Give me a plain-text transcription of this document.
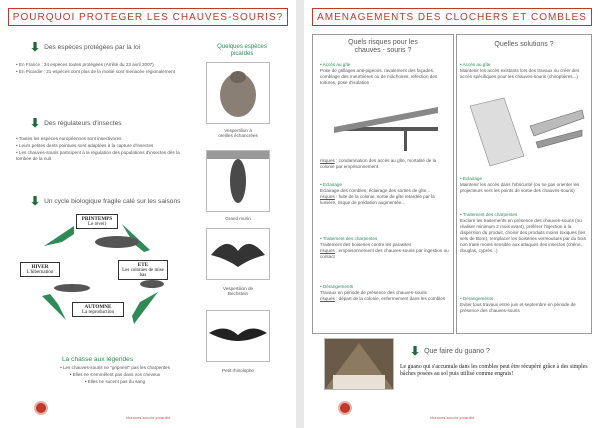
POURQUOI PROTEGER LES CHAUVES-SOURIS?
⬇ Des espèces protégées par la loi

• En France : 34 espèces toutes protégées (Arrêté du 23 avril 2007)

• En Picardie : 21 espèces dont plus de la moitié sont menacée régionalement

⬇ Des régulateurs d'insectes

• Toutes les espèces européennes sont insectivores

• Leurs petites dents pointues sont adaptées à la capture d'insectes

• Les chauves-souris participent à la régulation des populations d'insectes dès la tombée de la nuit

⬇ Un cycle biologique fragile calé sur les saisons
PRINTEMPS
Le réveil
ETE
Les colonies de mise bas
AUTOMNE
La reproduction
HIVER
L'hibernation
La chasse aux légendes

• Les chauves-souris ne "gripnent" pas les charpentes

• Elles ne s'emmêlent pas dans vos cheveux

• Elles ne sucent pas du sang

Quelques espèces
picardes
Vespertilion à
oreilles échancrées
Grand murin
Vespertilion de
Bechstein
Petit rhinolophe
chauves-souris picardie
AMENAGEMENTS DES CLOCHERS ET COMBLES
Quels risques pour les
chauves - souris ?
• Accès au gîte
Pose de grillages anti-pigeons, ravalement des façades, comblage des meurtrières ou de mâchoires, réfection des toitures, pose d'isolation
risques : condamnation des accès au gîte, mortalité de la colonie par emprisonnement
• Eclairage
Eclairage des combles, éclairage des sorties de gîte...
risques : fuite de la colonie, sortie de gîte retardée par la lumière, risque de prédation augmentée...
• Traitement des charpentes
Traitement des boiseries contre les parasites
risques : empoisonnement des chauves-souris par ingestion ou contact
• Dérangements
Travaux en période de présence des chauves-souris
risques : départ de la colonie, enfermement dans les combles
Quelles solutions ?
• Accès au gîte
Maintenir les accès existants lors des travaux ou créer des accès spécifiques pour les chauves-souris (chiroptières...)
• Eclairage
Maintenir les accès dans l'obscurité (ou ne pas orienter les projecteurs vers les points de sortie des chauves-souris)
• Traitement des charpentes
Exclure les traitements en présence des chauves-souris (ou réaliser minimum 2 mois avant), préférer l'injection à la dispersion du produit, choisir des produits moins toxiques (les sels de Bore), remplacer les boiseries vermoulues par du bois non traité moins sensible aux attaques des insectes (chêne, douglas, cyprès...)
• Dérangements
Eviter tous travaux entre juin et septembre en période de présence des chauves-souris
⬇ Que faire du guano ?
Le guano qui s'accumule dans les combles peut être récupéré grâce à des simples bâches posées au sol puis utilisé comme engrais!
chauves-souris picardie
